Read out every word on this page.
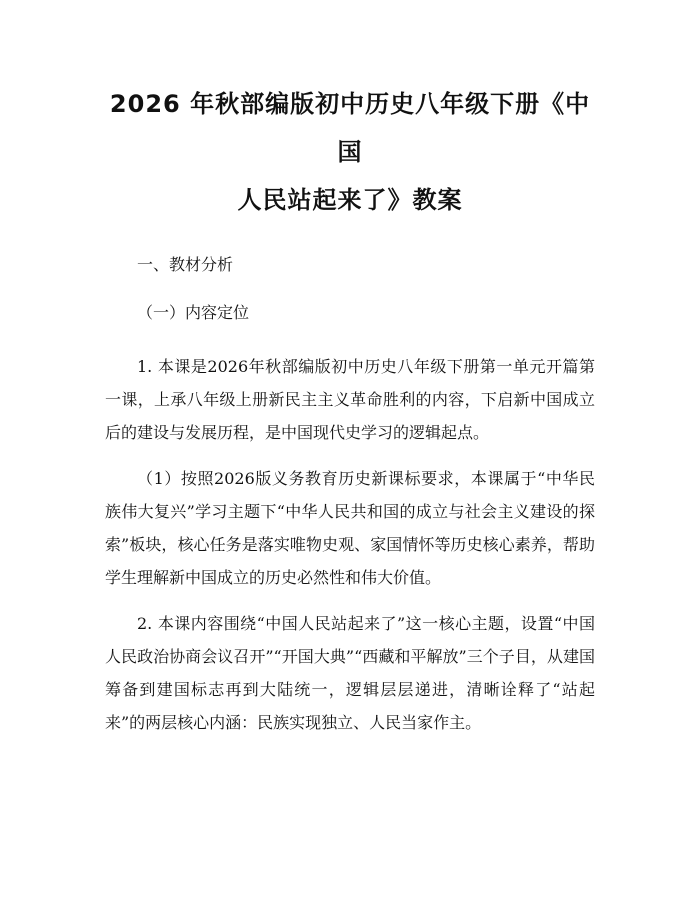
2026 年秋部编版初中历史八年级下册《中国
人民站起来了》教案

一、教材分析

（一）内容定位

1. 本课是2026年秋部编版初中历史八年级下册第一单元开篇第一课，上承八年级上册新民主主义革命胜利的内容，下启新中国成立后的建设与发展历程，是中国现代史学习的逻辑起点。

（1）按照2026版义务教育历史新课标要求，本课属于“中华民族伟大复兴”学习主题下“中华人民共和国的成立与社会主义建设的探索”板块，核心任务是落实唯物史观、家国情怀等历史核心素养，帮助学生理解新中国成立的历史必然性和伟大价值。

2. 本课内容围绕“中国人民站起来了”这一核心主题，设置“中国人民政治协商会议召开”“开国大典”“西藏和平解放”三个子目，从建国筹备到建国标志再到大陆统一，逻辑层层递进，清晰诠释了“站起来”的两层核心内涵：民族实现独立、人民当家作主。
